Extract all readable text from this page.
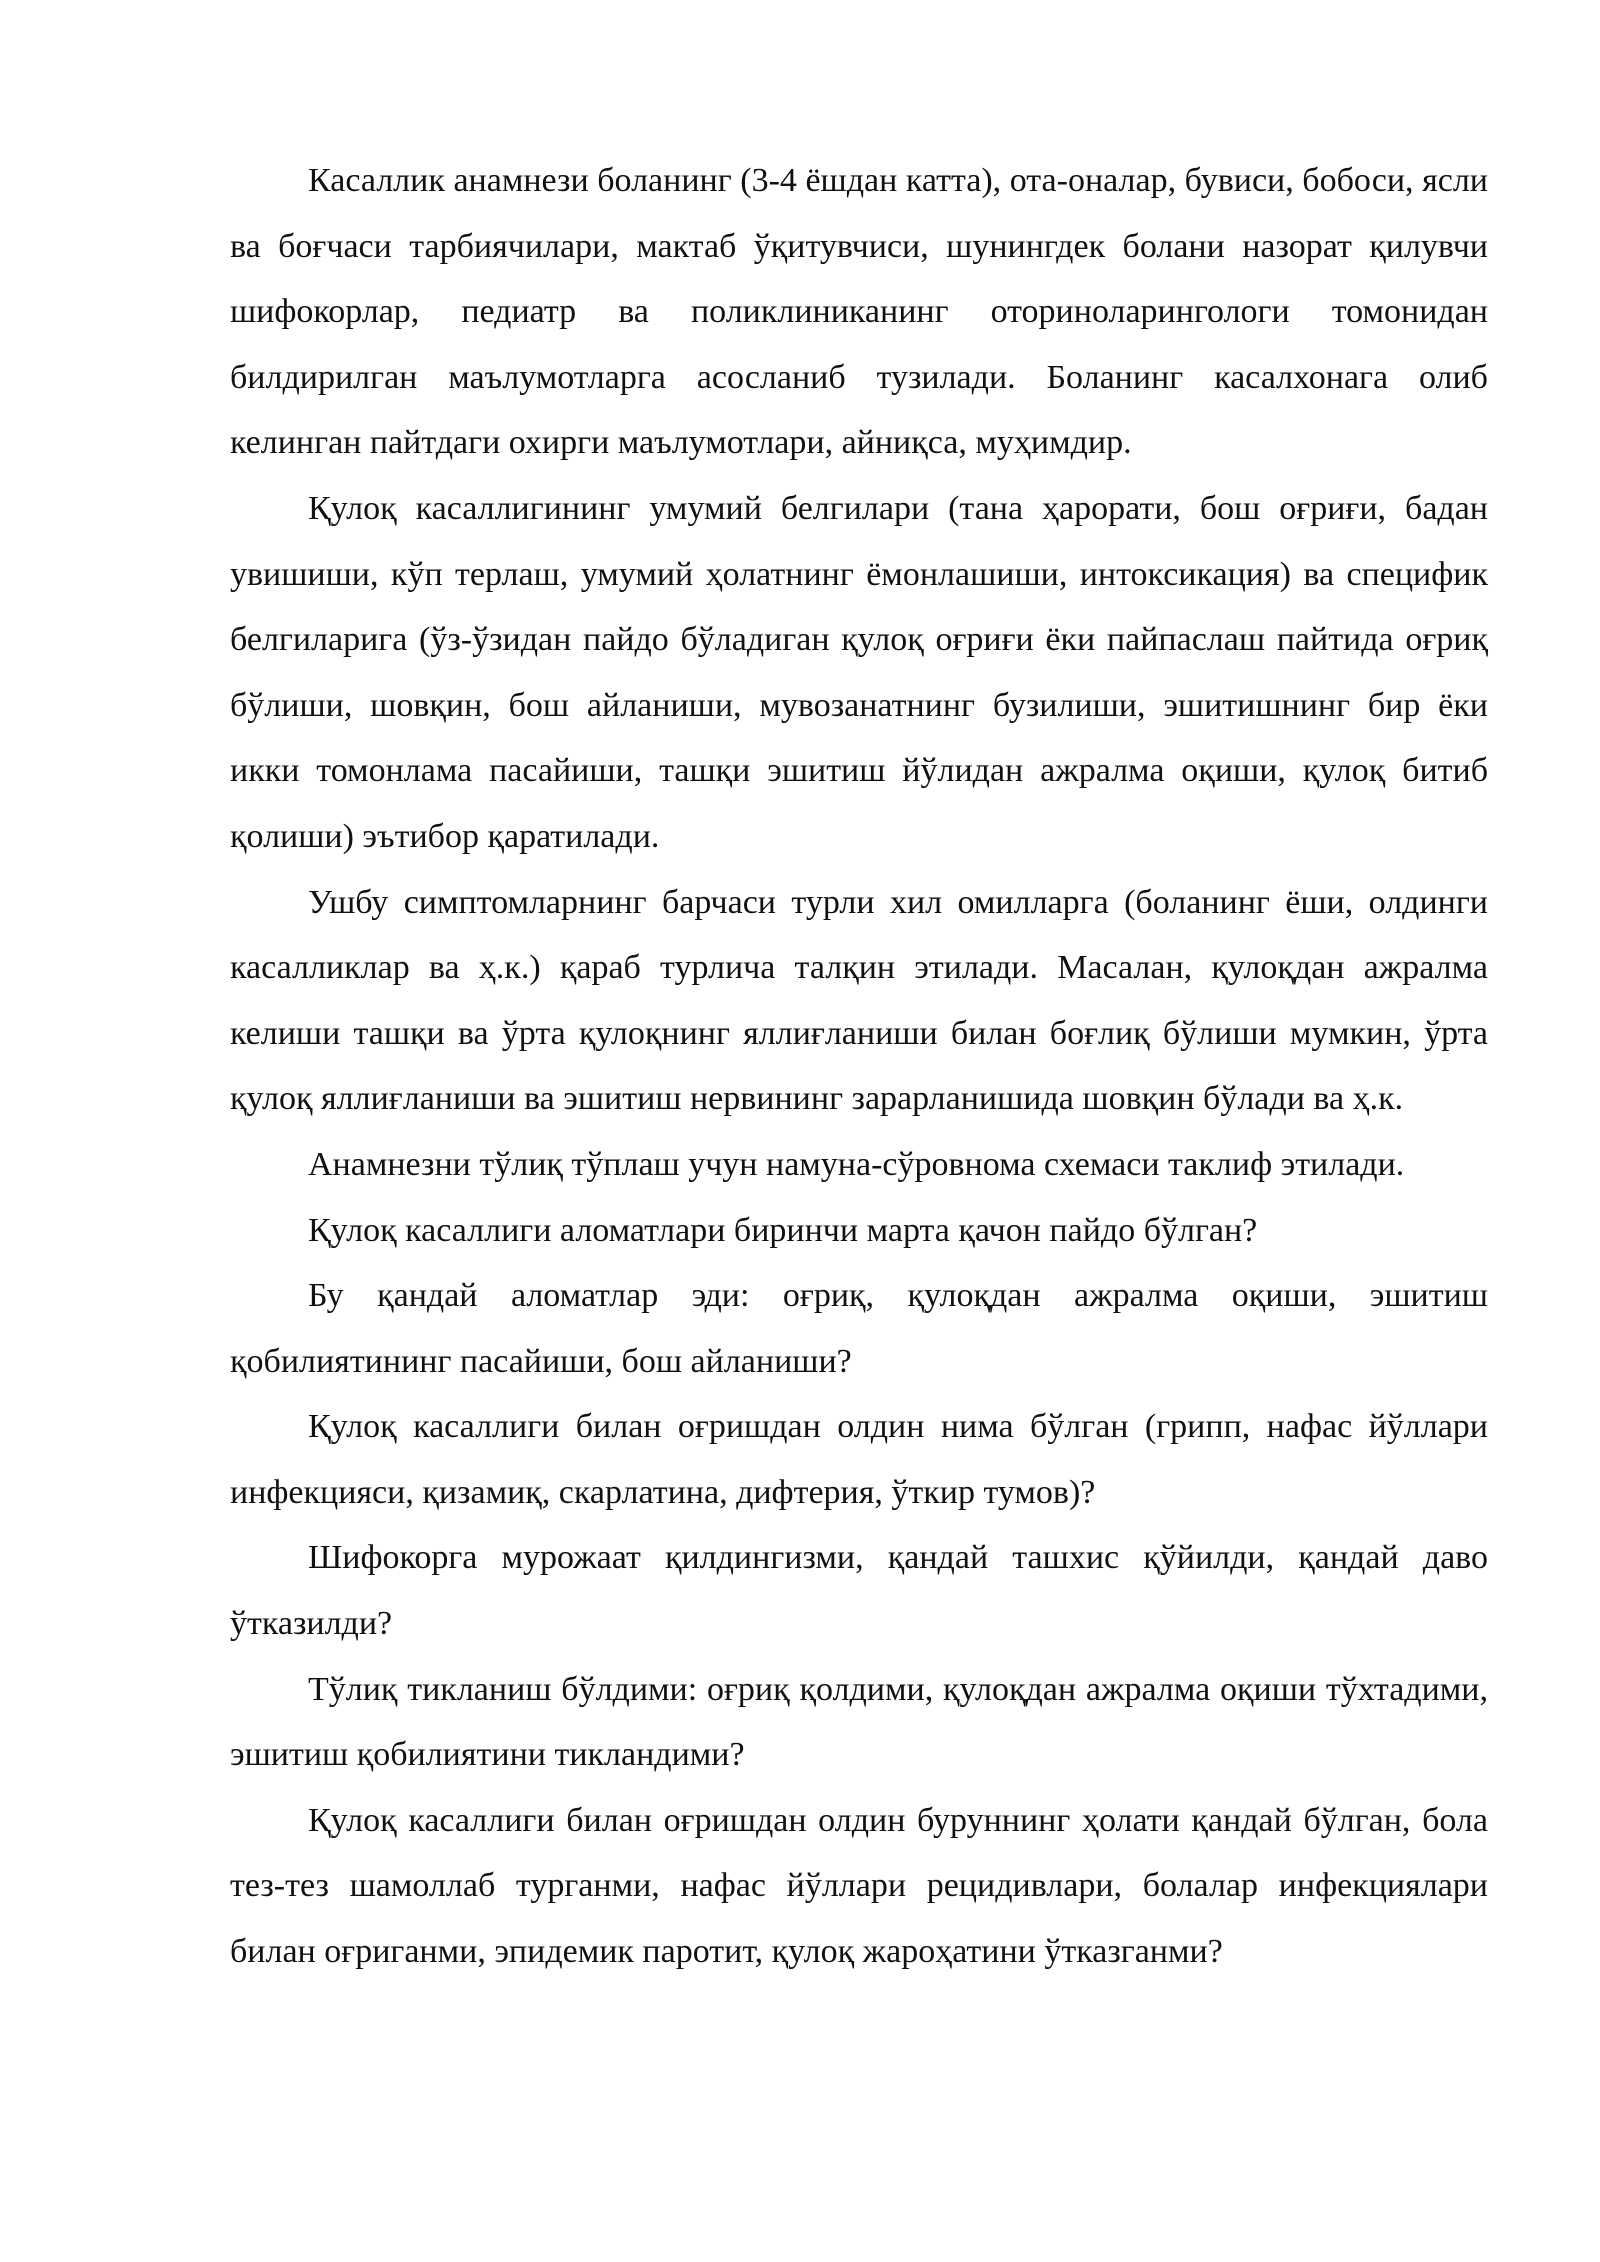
Касаллик анамнези боланинг (3-4 ёшдан катта), ота-оналар, бувиси, бобоси, ясли ва боғчаси тарбиячилари, мактаб ўқитувчиси, шунингдек болани назорат қилувчи шифокорлар, педиатр ва поликлиниканинг оториноларингологи томонидан билдирилган маълумотларга асосланиб тузилади. Боланинг касалхонага олиб келинган пайтдаги охирги маълумотлари, айниқса, муҳимдир.

Қулоқ касаллигининг умумий белгилари (тана ҳарорати, бош оғриғи, бадан увишиши, кўп терлаш, умумий ҳолатнинг ёмонлашиши, интоксикация) ва специфик белгиларига (ўз-ўзидан пайдо бўладиган қулоқ оғриғи ёки пайпаслаш пайтида оғриқ бўлиши, шовқин, бош айланиши, мувозанатнинг бузилиши, эшитишнинг бир ёки икки томонлама пасайиши, ташқи эшитиш йўлидан ажралма оқиши, қулоқ битиб қолиши) эътибор қаратилади.

Ушбу симптомларнинг барчаси турли хил омилларга (боланинг ёши, олдинги касалликлар ва ҳ.к.) қараб турлича талқин этилади. Масалан, қулоқдан ажралма келиши ташқи ва ўрта қулоқнинг яллиғланиши билан боғлиқ бўлиши мумкин, ўрта қулоқ яллиғланиши ва эшитиш нервининг зарарланишида шовқин бўлади ва ҳ.к.

Анамнезни тўлиқ тўплаш учун намуна-сўровнома схемаси таклиф этилади.

Қулоқ касаллиги аломатлари биринчи марта қачон пайдо бўлган?

Бу қандай аломатлар эди: оғриқ, қулоқдан ажралма оқиши, эшитиш қобилиятининг пасайиши, бош айланиши?

Қулоқ касаллиги билан оғришдан олдин нима бўлган (грипп, нафас йўллари инфекцияси, қизамиқ, скарлатина, дифтерия, ўткир тумов)?

Шифокорга мурожаат қилдингизми, қандай ташхис қўйилди, қандай даво ўтказилди?

Тўлиқ тикланиш бўлдими: оғриқ қолдими, қулоқдан ажралма оқиши тўхтадими, эшитиш қобилиятини тикландими?

Қулоқ касаллиги билан оғришдан олдин буруннинг ҳолати қандай бўлган, бола тез-тез шамоллаб турганми, нафас йўллари рецидивлари, болалар инфекциялари билан оғриганми, эпидемик паротит, қулоқ жароҳатини ўтказганми?
